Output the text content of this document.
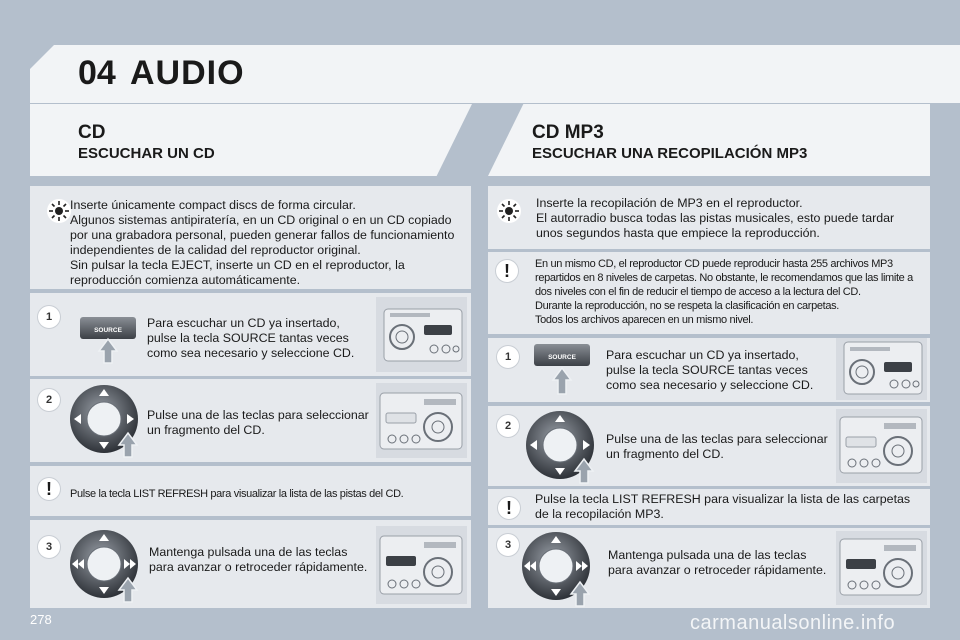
04 AUDIO
CD
ESCUCHAR UN CD
CD MP3
ESCUCHAR UNA RECOPILACIÓN MP3
Inserte únicamente compact discs de forma circular.
Algunos sistemas antipiratería, en un CD original o en un CD copiado por una grabadora personal, pueden generar fallos de funcionamiento independientes de la calidad del reproductor original.
Sin pulsar la tecla EJECT, inserte un CD en el reproductor, la reproducción comienza automáticamente.
1
SOURCE
Para escuchar un CD ya insertado, pulse la tecla SOURCE tantas veces como sea necesario y seleccione CD.
2
Pulse una de las teclas para seleccionar un fragmento del CD.
!	Pulse la tecla LIST REFRESH para visualizar la lista de las pistas del CD.
3	Mantenga pulsada una de las teclas para avanzar o retroceder rápidamente.
Inserte la recopilación de MP3 en el reproductor.
El autorradio busca todas las pistas musicales, esto puede tardar unos segundos hasta que empiece la reproducción.
!	En un mismo CD, el reproductor CD puede reproducir hasta 255 archivos MP3 repartidos en 8 niveles de carpetas. No obstante, le recomendamos que las limite a dos niveles con el fin de reducir el tiempo de acceso a la lectura del CD.
Durante la reproducción, no se respeta la clasificación en carpetas.
Todos los archivos aparecen en un mismo nivel.
1	SOURCE Para escuchar un CD ya insertado, pulse la tecla SOURCE tantas veces como sea necesario y seleccione CD.
2
Pulse una de las teclas para seleccionar un fragmento del CD.
!	Pulse la tecla LIST REFRESH para visualizar la lista de las carpetas de la recopilación MP3.
3
Mantenga pulsada una de las teclas para avanzar o retroceder rápidamente.
278	carmanualsonline.info
